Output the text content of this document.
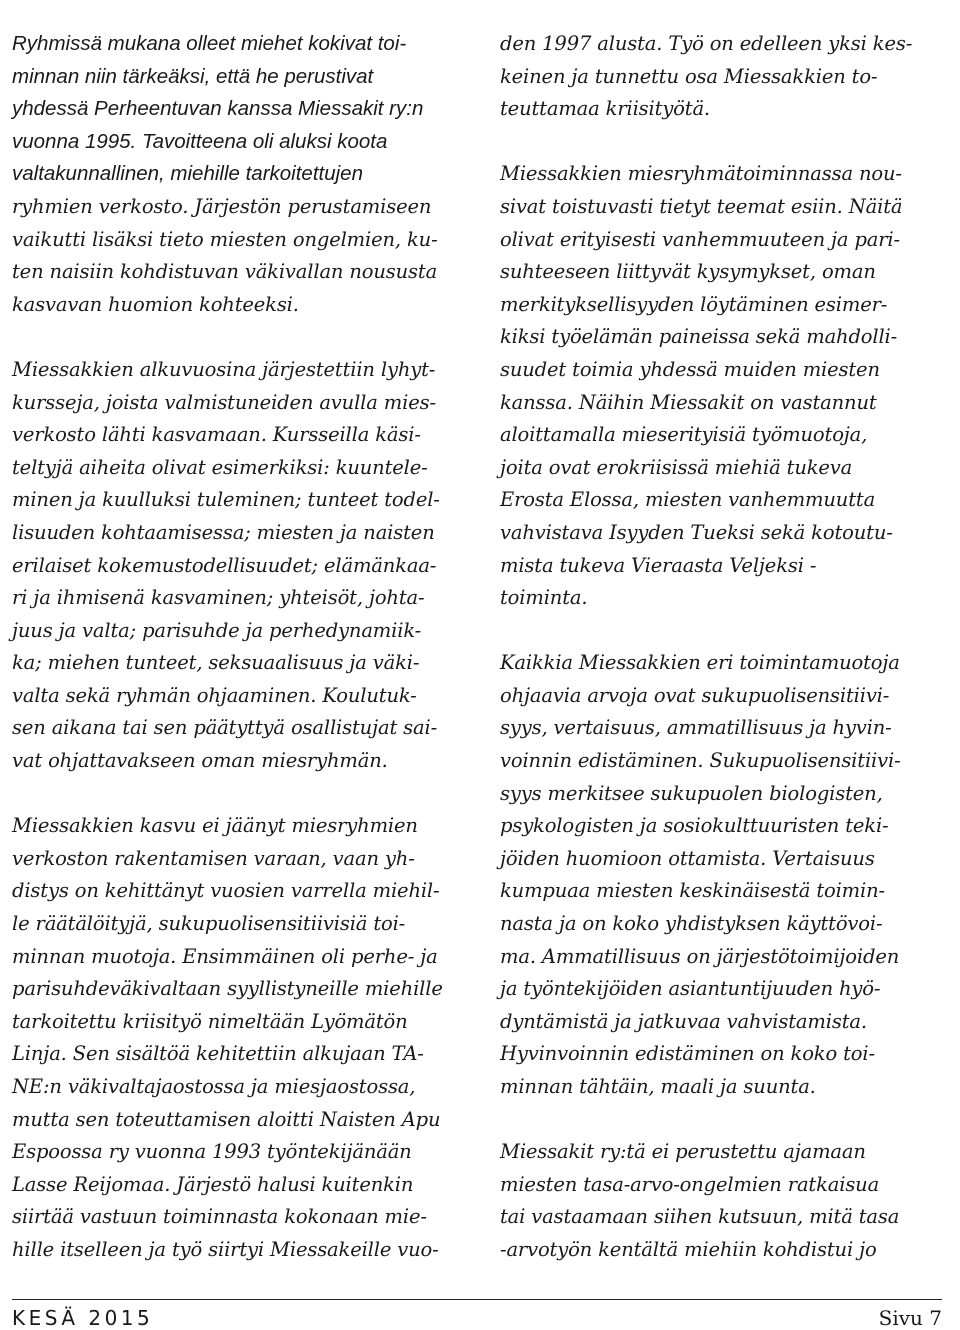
Ryhmissä mukana olleet miehet kokivat toi-
minnan niin tärkeäksi, että he perustivat
yhdessä Perheentuvan kanssa Miessakit ry:n
vuonna 1995. Tavoitteena oli aluksi koota
valtakunnallinen, miehille tarkoitettujen
ryhmien verkosto. Järjestön perustamiseen
vaikutti lisäksi tieto miesten ongelmien, ku-
ten naisiin kohdistuvan väkivallan noususta
kasvavan huomion kohteeksi.
Miessakkien alkuvuosina järjestettiin lyhyt-
kursseja, joista valmistuneiden avulla mies-
verkosto lähti kasvamaan. Kursseilla käsi-
teltyjä aiheita olivat esimerkiksi: kuuntele-
minen ja kuulluksi tuleminen; tunteet todel-
lisuuden kohtaamisessa; miesten ja naisten
erilaiset kokemustodellisuudet; elämänkaa-
ri ja ihmisenä kasvaminen; yhteisöt, johta-
juus ja valta; parisuhde ja perhedynamiik-
ka; miehen tunteet, seksuaalisuus ja väki-
valta sekä ryhmän ohjaaminen. Koulutuk-
sen aikana tai sen päätyttyä osallistujat sai-
vat ohjattavakseen oman miesryhmän.
Miessakkien kasvu ei jäänyt miesryhmien
verkoston rakentamisen varaan, vaan yh-
distys on kehittänyt vuosien varrella miehil-
le räätälöityjä, sukupuolisensitiivisiä toi-
minnan muotoja. Ensimmäinen oli perhe- ja
parisuhdeväkivaltaan syyllistyneille miehille
tarkoitettu kriisityö nimeltään Lyömätön
Linja. Sen sisältöä kehitettiin alkujaan TA-
NE:n väkivaltajaostossa ja miesjaostossa,
mutta sen toteuttamisen aloitti Naisten Apu
Espoossa ry vuonna 1993 työntekijänään
Lasse Reijomaa. Järjestö halusi kuitenkin
siirtää vastuun toiminnasta kokonaan mie-
hille itselleen ja työ siirtyi Miessakeille vuo-
den 1997 alusta. Työ on edelleen yksi kes-
keinen ja tunnettu osa Miessakkien to-
teuttamaa kriisityötä.
Miessakkien miesryhmätoiminnassa nou-
sivat toistuvasti tietyt teemat esiin. Näitä
olivat erityisesti vanhemmuuteen ja pari-
suhteeseen liittyvät kysymykset, oman
merkityksellisyyden löytäminen esimer-
kiksi työelämän paineissa sekä mahdolli-
suudet toimia yhdessä muiden miesten
kanssa. Näihin Miessakit on vastannut
aloittamalla mieserityisiä työmuotoja,
joita ovat erokriisissä miehiä tukeva
Erosta Elossa, miesten vanhemmuutta
vahvistava Isyyden Tueksi sekä kotoutu-
mista tukeva Vieraasta Veljeksi -
toiminta.
Kaikkia Miessakkien eri toimintamuotoja
ohjaavia arvoja ovat sukupuolisensitiivi-
syys, vertaisuus, ammatillisuus ja hyvin-
voinnin edistäminen. Sukupuolisensitiivi-
syys merkitsee sukupuolen biologisten,
psykologisten ja sosiokulttuuristen teki-
jöiden huomioon ottamista. Vertaisuus
kumpuaa miesten keskinäisestä toimin-
nasta ja on koko yhdistyksen käyttövoi-
ma. Ammatillisuus on järjestötoimijoiden
ja työntekijöiden asiantuntijuuden hyö-
dyntämistä ja jatkuvaa vahvistamista.
Hyvinvoinnin edistäminen on koko toi-
minnan tähtäin, maali ja suunta.
Miessakit ry:tä ei perustettu ajamaan
miesten tasa-arvo-ongelmien ratkaisua
tai vastaamaan siihen kutsuun, mitä tasa
-arvotyön kentältä miehiin kohdistui jo
KESÄ 2015	Sivu 7
